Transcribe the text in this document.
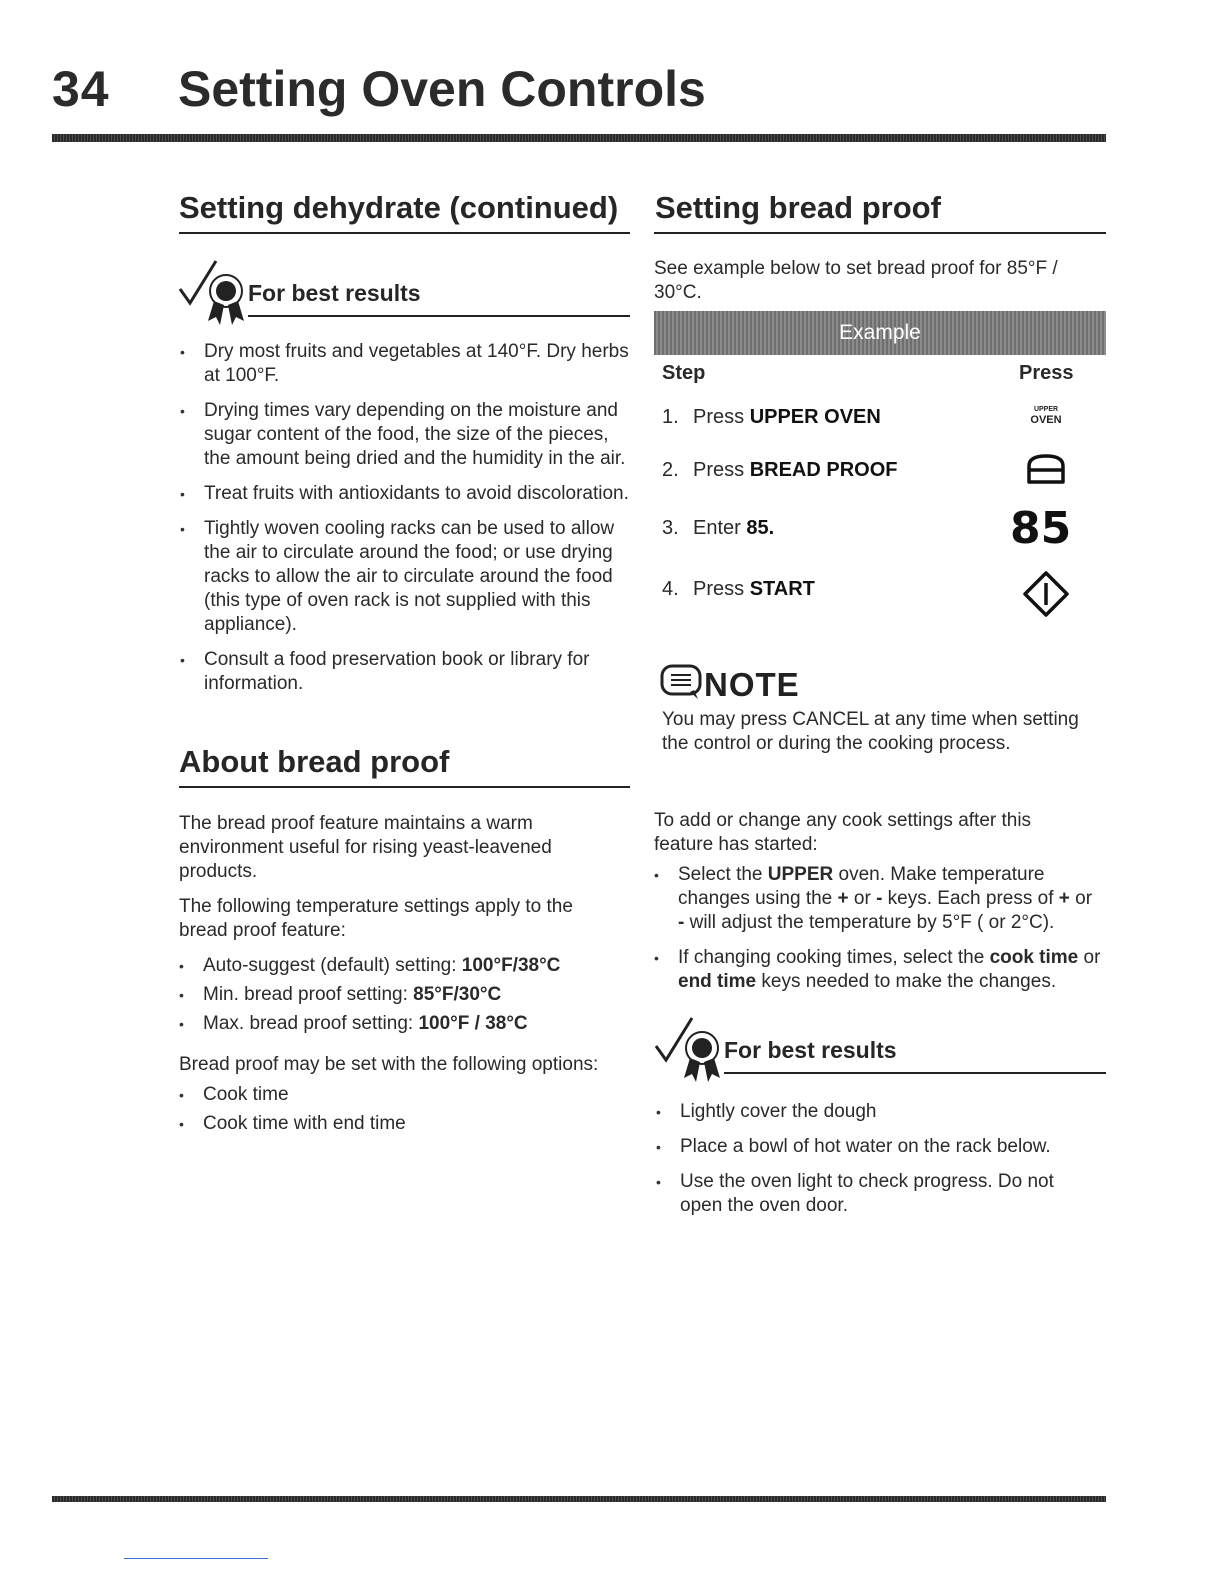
34 Setting Oven Controls
Setting dehydrate (continued)
For best results
• Dry most fruits and vegetables at 140°F. Dry herbs at 100°F.
• Drying times vary depending on the moisture and sugar content of the food, the size of the pieces, the amount being dried and the humidity in the air.
• Treat fruits with antioxidants to avoid discoloration.
• Tightly woven cooling racks can be used to allow the air to circulate around the food; or use drying racks to allow the air to circulate around the food (this type of oven rack is not supplied with this appliance).
• Consult a food preservation book or library for information.
About bread proof
The bread proof feature maintains a warm environment useful for rising yeast-leavened products.
The following temperature settings apply to the bread proof feature:
• Auto-suggest (default) setting: 100°F/38°C
• Min. bread proof setting: 85°F/30°C
• Max. bread proof setting: 100°F / 38°C
Bread proof may be set with the following options:
• Cook time
• Cook time with end time
Setting bread proof
See example below to set bread proof for 85°F / 30°C.
Example
Step	Press
1. Press UPPER OVEN	UPPER
OVEN
2. Press BREAD PROOF
3. Enter 85.	85
4. Press START
NOTE
You may press CANCEL at any time when setting the control or during the cooking process.
To add or change any cook settings after this feature has started:
• Select the UPPER oven. Make temperature changes using the + or - keys. Each press of + or - will adjust the temperature by 5°F ( or 2°C).
• If changing cooking times, select the cook time or end time keys needed to make the changes.
For best results
• Lightly cover the dough
• Place a bowl of hot water on the rack below.
• Use the oven light to check progress. Do not open the oven door.
